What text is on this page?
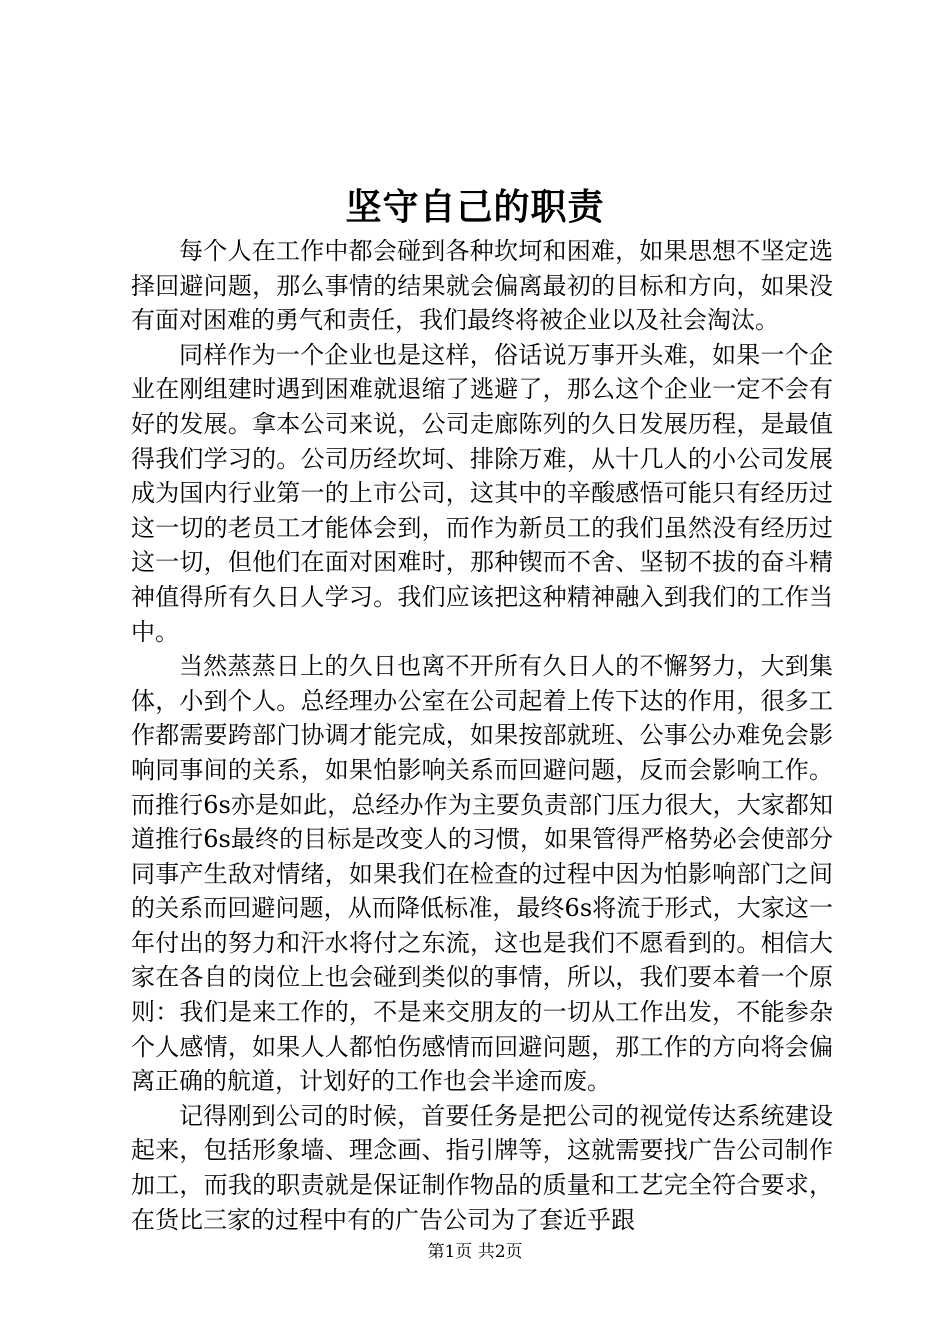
坚守自己的职责

每个人在工作中都会碰到各种坎坷和困难，如果思想不坚定选择回避问题，那么事情的结果就会偏离最初的目标和方向，如果没有面对困难的勇气和责任，我们最终将被企业以及社会淘汰。

同样作为一个企业也是这样，俗话说万事开头难，如果一个企业在刚组建时遇到困难就退缩了逃避了，那么这个企业一定不会有好的发展。拿本公司来说，公司走廊陈列的久日发展历程，是最值得我们学习的。公司历经坎坷、排除万难，从十几人的小公司发展成为国内行业第一的上市公司，这其中的辛酸感悟可能只有经历过这一切的老员工才能体会到，而作为新员工的我们虽然没有经历过这一切，但他们在面对困难时，那种锲而不舍、坚韧不拔的奋斗精神值得所有久日人学习。我们应该把这种精神融入到我们的工作当中。

当然蒸蒸日上的久日也离不开所有久日人的不懈努力，大到集体，小到个人。总经理办公室在公司起着上传下达的作用，很多工作都需要跨部门协调才能完成，如果按部就班、公事公办难免会影响同事间的关系，如果怕影响关系而回避问题，反而会影响工作。而推行6s亦是如此，总经办作为主要负责部门压力很大，大家都知道推行6s最终的目标是改变人的习惯，如果管得严格势必会使部分同事产生敌对情绪，如果我们在检查的过程中因为怕影响部门之间的关系而回避问题，从而降低标准，最终6s将流于形式，大家这一年付出的努力和汗水将付之东流，这也是我们不愿看到的。相信大家在各自的岗位上也会碰到类似的事情，所以，我们要本着一个原则：我们是来工作的，不是来交朋友的一切从工作出发，不能参杂个人感情，如果人人都怕伤感情而回避问题，那工作的方向将会偏离正确的航道，计划好的工作也会半途而废。

记得刚到公司的时候，首要任务是把公司的视觉传达系统建设起来，包括形象墙、理念画、指引牌等，这就需要找广告公司制作加工，而我的职责就是保证制作物品的质量和工艺完全符合要求，在货比三家的过程中有的广告公司为了套近乎跟

第1页 共2页
